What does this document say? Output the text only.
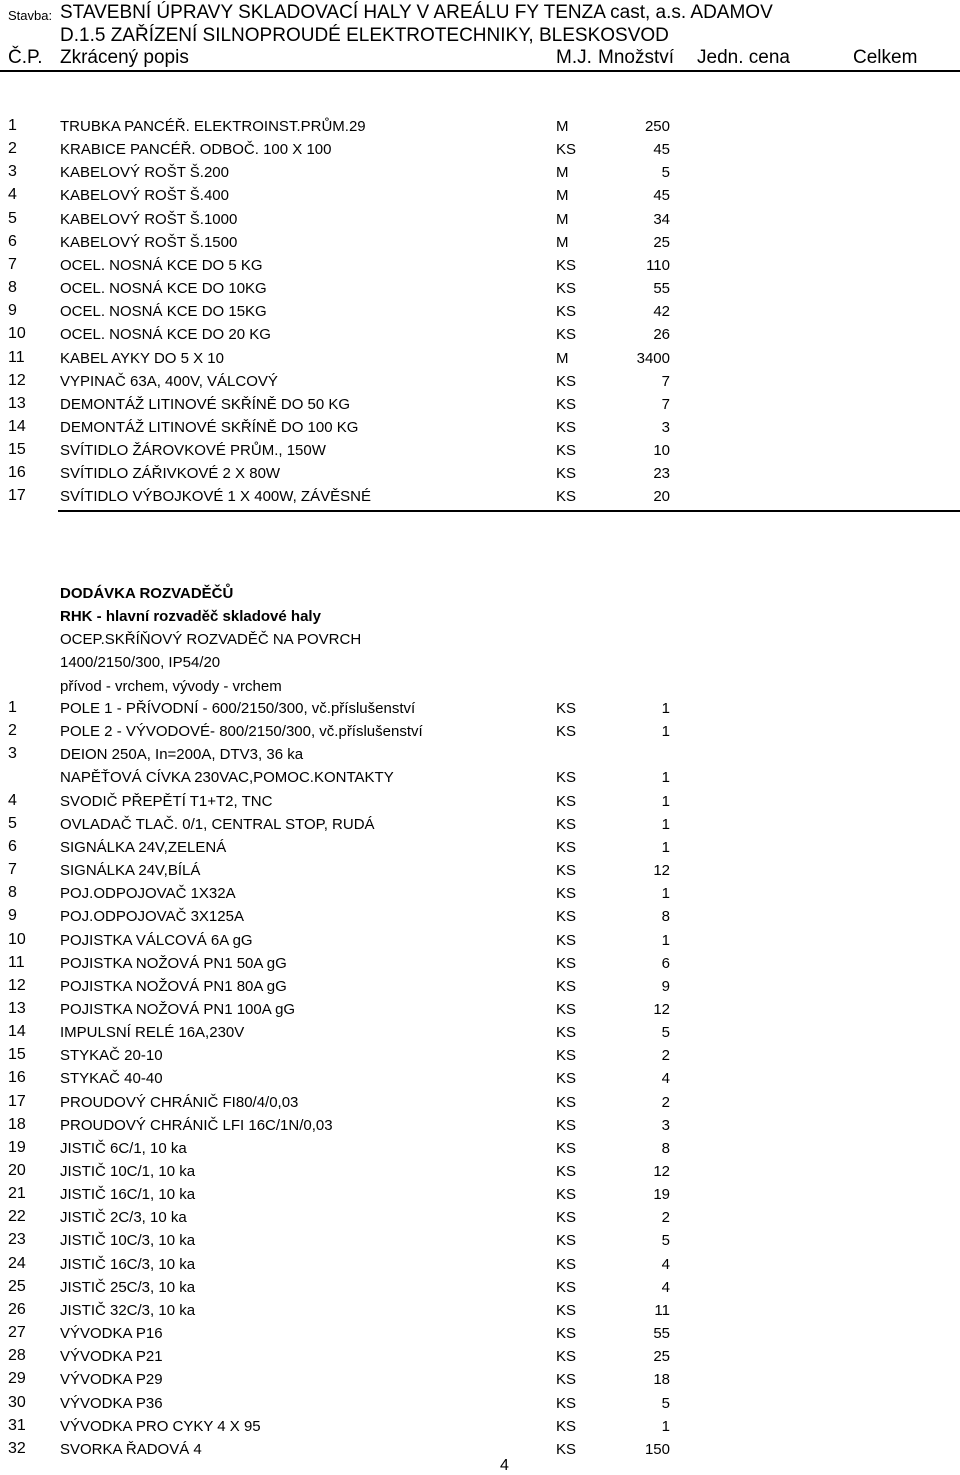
Stavba: STAVEBNÍ ÚPRAVY SKLADOVACÍ HALY V AREÁLU FY TENZA cast, a.s. ADAMOV
D.1.5 ZAŘÍZENÍ SILNOPROUDÉ ELEKTROTECHNIKY, BLESKOSVOD
Č.P. Zkrácený popis	M.J. Množství Jedn. cena	Celkem
1	TRUBKA PANCÉŘ. ELEKTROINST.PRŮM.29	M	250
2	KRABICE PANCÉŘ. ODBOČ. 100 X 100	KS	45
3	KABELOVÝ ROŠT Š.200	M	5
4	KABELOVÝ ROŠT Š.400	M	45
5	KABELOVÝ ROŠT Š.1000	M	34
6	KABELOVÝ ROŠT Š.1500	M	25
7	OCEL. NOSNÁ KCE DO 5 KG	KS	110
8	OCEL. NOSNÁ KCE DO 10KG	KS	55
9	OCEL. NOSNÁ KCE DO 15KG	KS	42
10 OCEL. NOSNÁ KCE DO 20 KG	KS	26
11 KABEL AYKY DO 5 X 10	M	3400
12 VYPINAČ 63A, 400V, VÁLCOVÝ	KS	7
13 DEMONTÁŽ LITINOVÉ SKŘÍNĚ DO 50 KG	KS	7
14 DEMONTÁŽ LITINOVÉ SKŘÍNĚ DO 100 KG	KS	3
15 SVÍTIDLO ŽÁROVKOVÉ PRŮM., 150W	KS	10
16 SVÍTIDLO ZÁŘIVKOVÉ 2 X 80W	KS	23
17 SVÍTIDLO VÝBOJKOVÉ 1 X 400W, ZÁVĚSNÉ	KS	20
DODÁVKA ROZVADĚČŮ
RHK - hlavní rozvaděč skladové haly
OCEP.SKŘÍŇOVÝ ROZVADĚČ NA POVRCH
1400/2150/300, IP54/20
přívod - vrchem, vývody - vrchem
1	POLE 1 - PŘÍVODNÍ - 600/2150/300, vč.příslušenství	KS	1
2	POLE 2 - VÝVODOVÉ- 800/2150/300, vč.příslušenství	KS	1
3	DEION 250A, In=200A, DTV3, 36 ka
NAPĚŤOVÁ CÍVKA 230VAC,POMOC.KONTAKTY	KS	1
4	SVODIČ PŘEPĚTÍ T1+T2, TNC	KS	1
5	OVLADAČ TLAČ. 0/1, CENTRAL STOP, RUDÁ	KS	1
6	SIGNÁLKA 24V,ZELENÁ	KS	1
7	SIGNÁLKA 24V,BÍLÁ	KS	12
8	POJ.ODPOJOVAČ 1X32A	KS	1
9	POJ.ODPOJOVAČ 3X125A	KS	8
10 POJISTKA VÁLCOVÁ 6A gG	KS	1
11 POJISTKA NOŽOVÁ PN1 50A gG	KS	6
12 POJISTKA NOŽOVÁ PN1 80A gG	KS	9
13 POJISTKA NOŽOVÁ PN1 100A gG	KS	12
14 IMPULSNÍ RELÉ 16A,230V	KS	5
15 STYKAČ 20-10	KS	2
16 STYKAČ 40-40	KS	4
17 PROUDOVÝ CHRÁNIČ FI80/4/0,03	KS	2
18 PROUDOVÝ CHRÁNIČ LFI 16C/1N/0,03	KS	3
19 JISTIČ 6C/1, 10 ka	KS	8
20 JISTIČ 10C/1, 10 ka	KS	12
21 JISTIČ 16C/1, 10 ka	KS	19
22 JISTIČ 2C/3, 10 ka	KS	2
23 JISTIČ 10C/3, 10 ka	KS	5
24 JISTIČ 16C/3, 10 ka	KS	4
25 JISTIČ 25C/3, 10 ka	KS	4
26 JISTIČ 32C/3, 10 ka	KS	11
27 VÝVODKA P16	KS	55
28 VÝVODKA P21	KS	25
29 VÝVODKA P29	KS	18
30 VÝVODKA P36	KS	5
31 VÝVODKA PRO CYKY 4 X 95	KS	1
32 SVORKA ŘADOVÁ 4	KS	150
4
